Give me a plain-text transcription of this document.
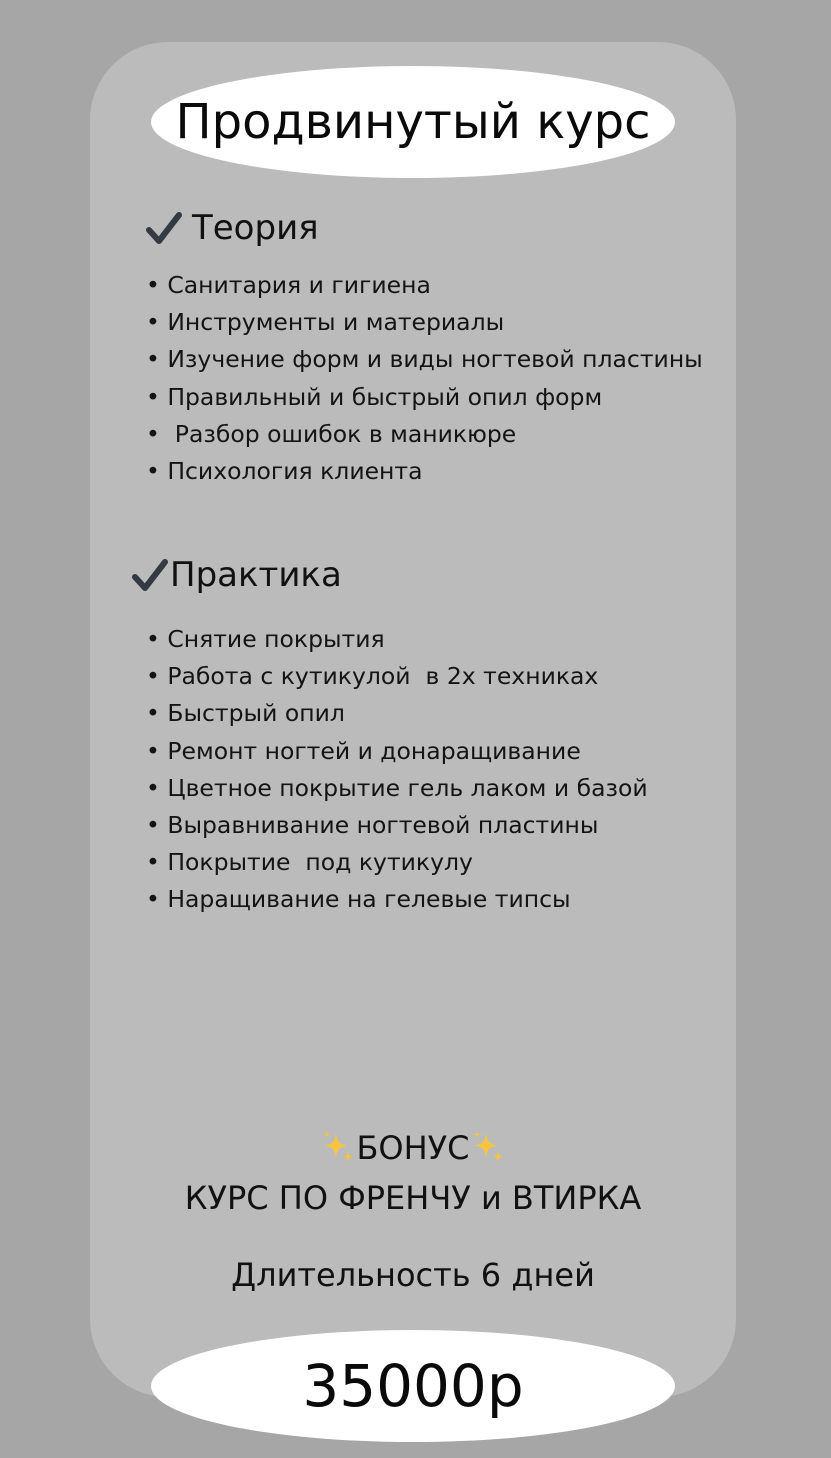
Продвинутый курс
Теория
• Санитария и гигиена
• Инструменты и материалы
• Изучение форм и виды ногтевой пластины
• Правильный и быстрый опил форм
•  Разбор ошибок в маникюре
• Психология клиента
Практика
• Снятие покрытия
• Работа с кутикулой  в 2х техниках
• Быстрый опил
• Ремонт ногтей и донаращивание
• Цветное покрытие гель лаком и базой
• Выравнивание ногтевой пластины
• Покрытие  под кутикулу
• Наращивание на гелевые типсы
БОНУС
КУРС ПО ФРЕНЧУ и ВТИРКА
Длительность 6 дней
35000р
